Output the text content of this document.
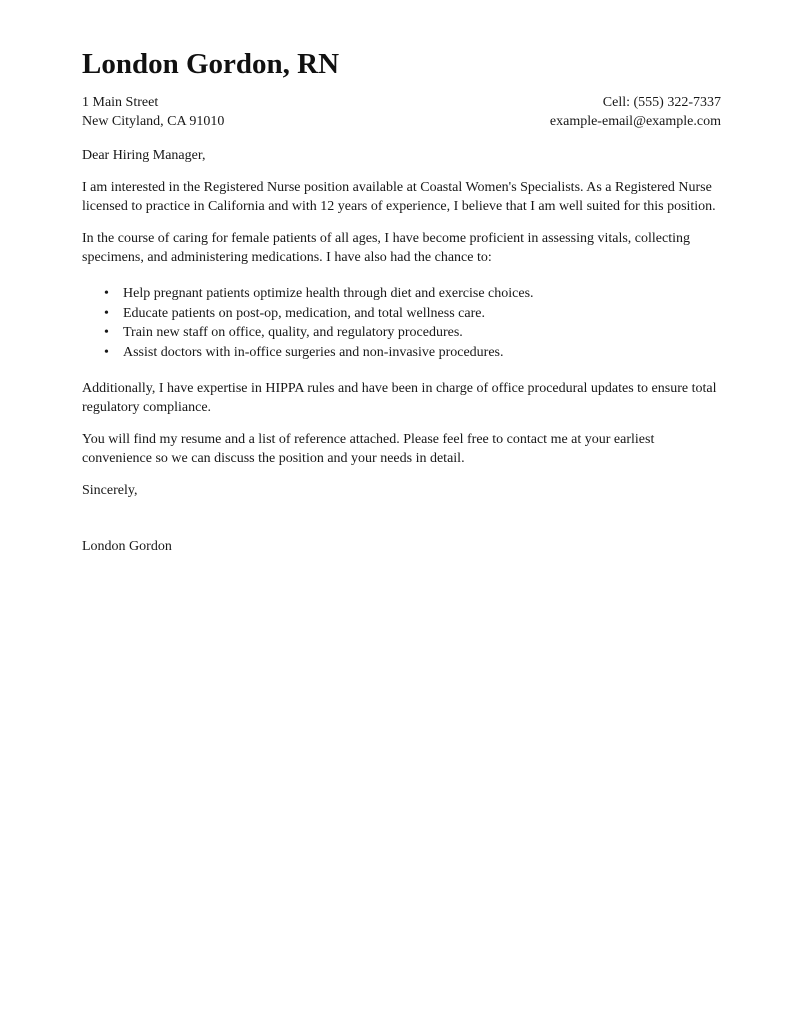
London Gordon, RN
1 Main Street
New Cityland, CA 91010
Cell: (555) 322-7337
example-email@example.com

Dear Hiring Manager,

I am interested in the Registered Nurse position available at Coastal Women's Specialists. As a Registered Nurse licensed to practice in California and with 12 years of experience, I believe that I am well suited for this position.

In the course of caring for female patients of all ages, I have become proficient in assessing vitals, collecting specimens, and administering medications. I have also had the chance to:

• Help pregnant patients optimize health through diet and exercise choices.
• Educate patients on post-op, medication, and total wellness care.
• Train new staff on office, quality, and regulatory procedures.
• Assist doctors with in-office surgeries and non-invasive procedures.

Additionally, I have expertise in HIPPA rules and have been in charge of office procedural updates to ensure total regulatory compliance.

You will find my resume and a list of reference attached. Please feel free to contact me at your earliest convenience so we can discuss the position and your needs in detail.

Sincerely,

London Gordon
